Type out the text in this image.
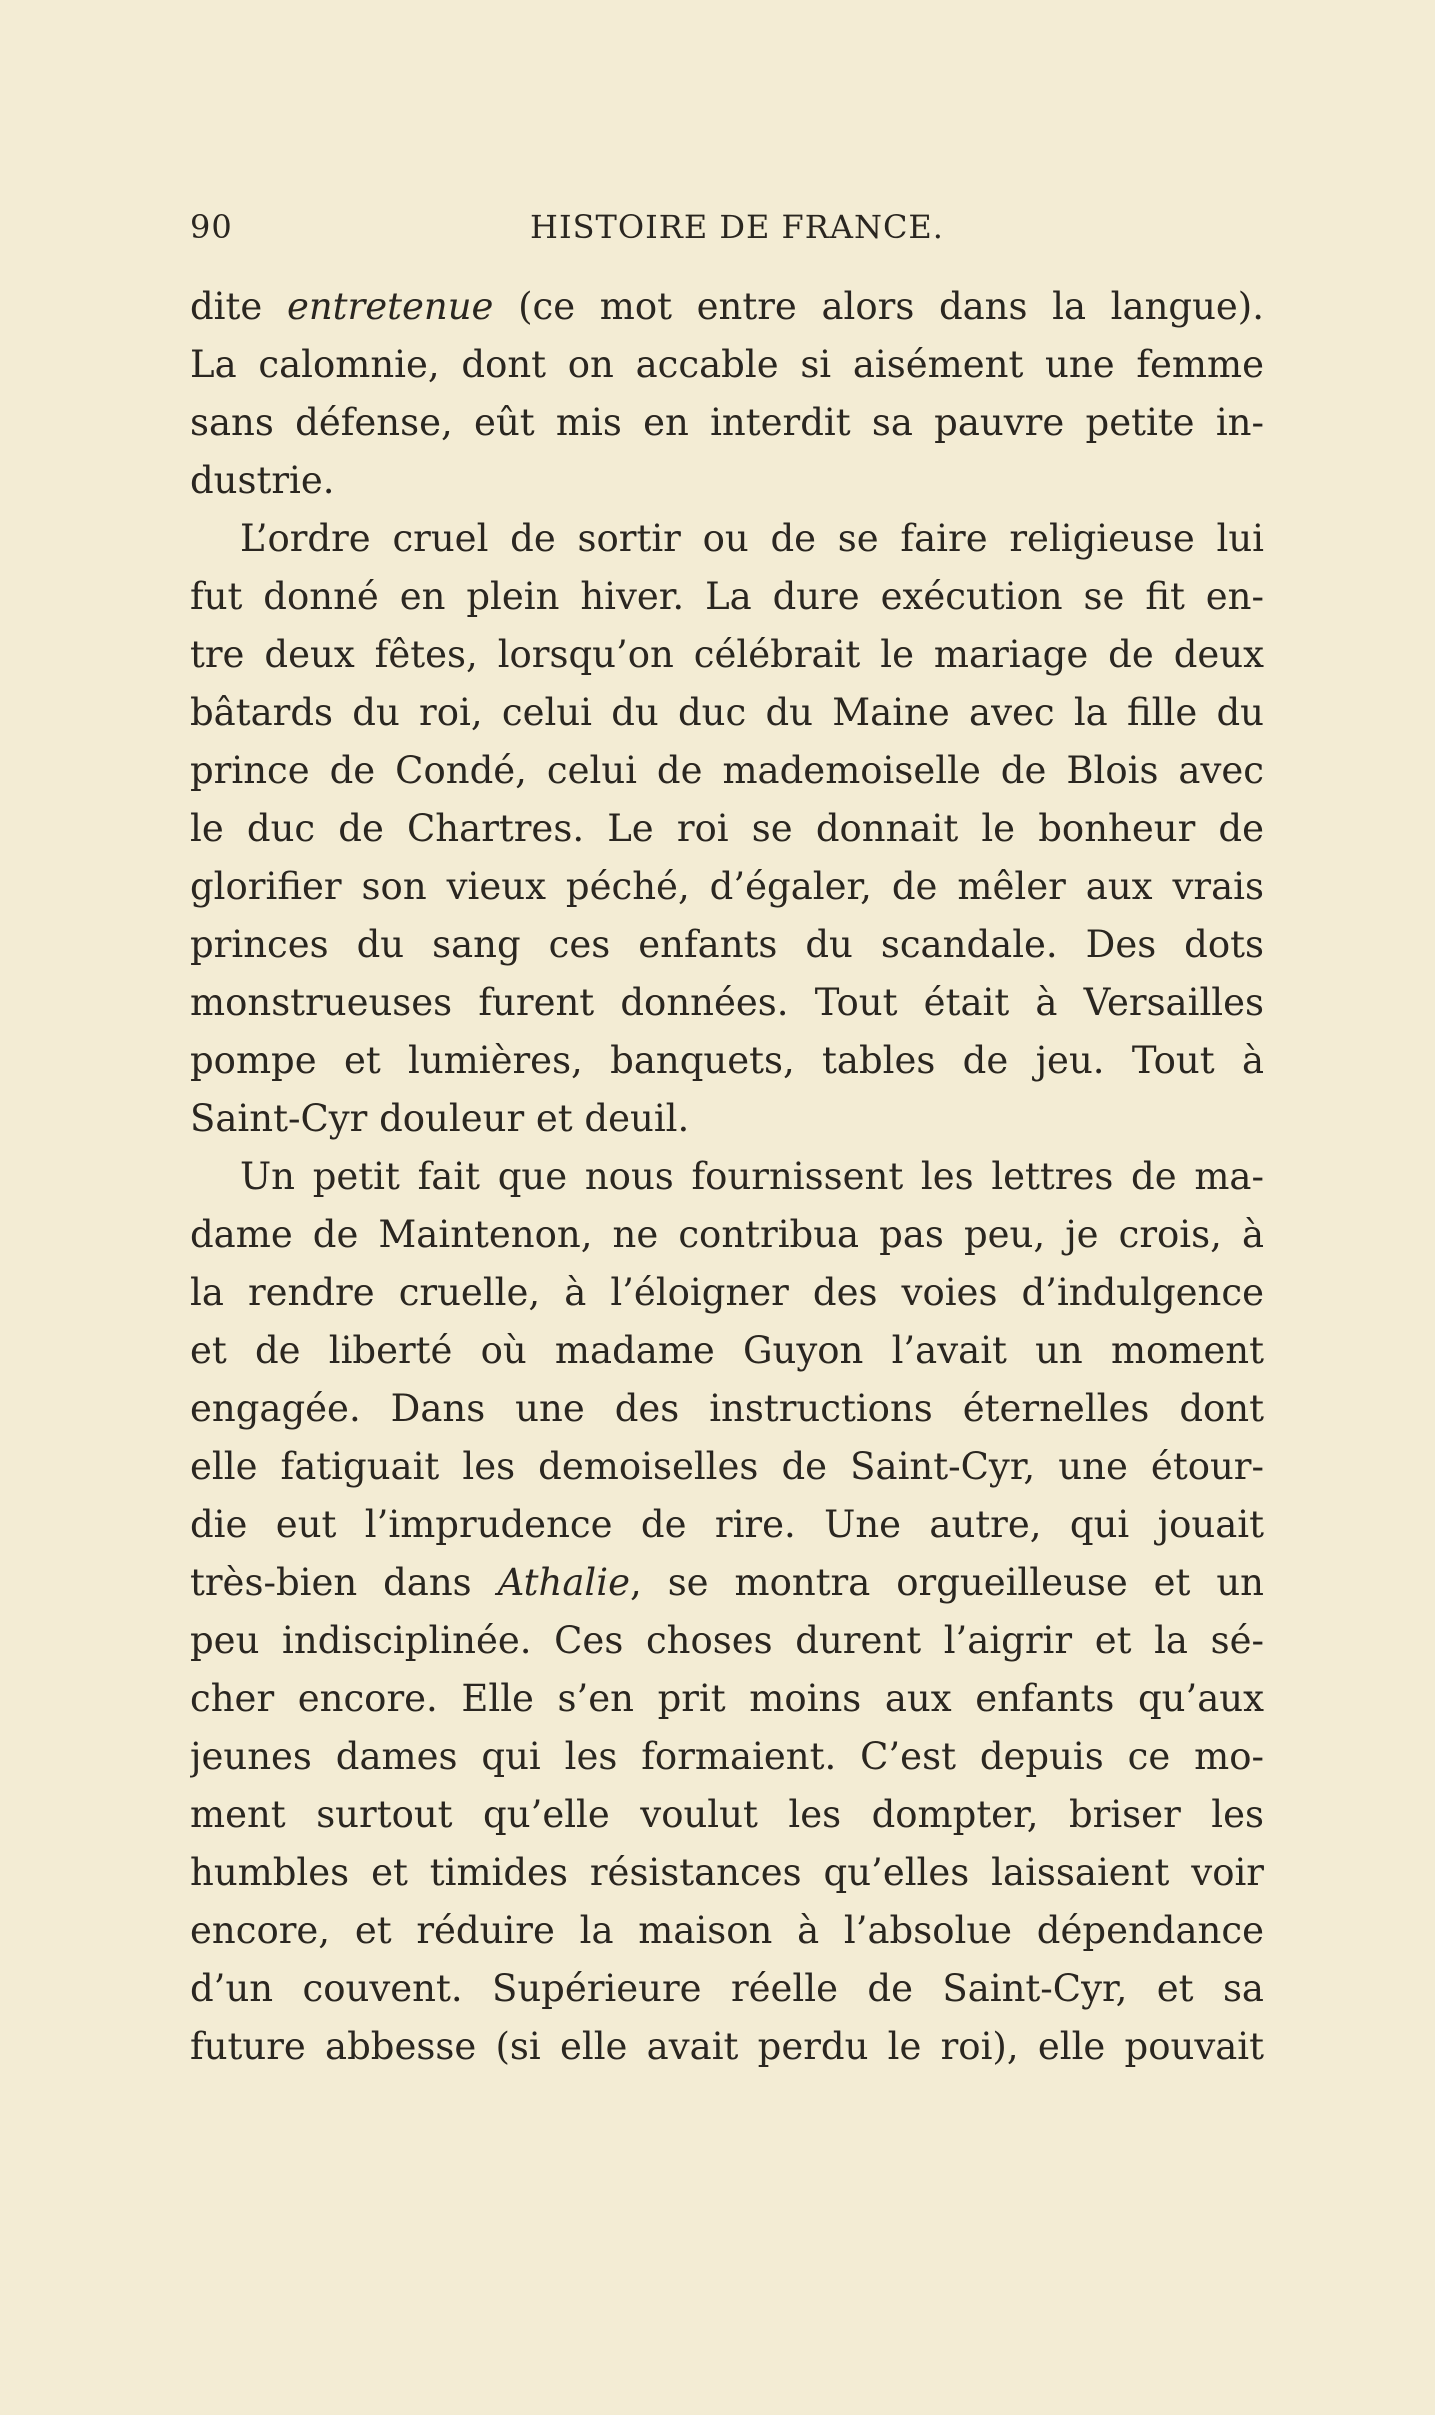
90	HISTOIRE DE FRANCE.
dite entretenue (ce mot entre alors dans la langue).
La calomnie, dont on accable si aisément une femme
sans défense, eût mis en interdit sa pauvre petite in-
dustrie.
L’ordre cruel de sortir ou de se faire religieuse lui
fut donné en plein hiver. La dure exécution se fit en-
tre deux fêtes, lorsqu’on célébrait le mariage de deux
bâtards du roi, celui du duc du Maine avec la fille du
prince de Condé, celui de mademoiselle de Blois avec
le duc de Chartres. Le roi se donnait le bonheur de
glorifier son vieux péché, d’égaler, de mêler aux vrais
princes du sang ces enfants du scandale. Des dots
monstrueuses furent données. Tout était à Versailles
pompe et lumières, banquets, tables de jeu. Tout à
Saint-Cyr douleur et deuil.
Un petit fait que nous fournissent les lettres de ma-
dame de Maintenon, ne contribua pas peu, je crois, à
la rendre cruelle, à l’éloigner des voies d’indulgence
et de liberté où madame Guyon l’avait un moment
engagée. Dans une des instructions éternelles dont
elle fatiguait les demoiselles de Saint-Cyr, une étour-
die eut l’imprudence de rire. Une autre, qui jouait
très-bien dans Athalie, se montra orgueilleuse et un
peu indisciplinée. Ces choses durent l’aigrir et la sé-
cher encore. Elle s’en prit moins aux enfants qu’aux
jeunes dames qui les formaient. C’est depuis ce mo-
ment surtout qu’elle voulut les dompter, briser les
humbles et timides résistances qu’elles laissaient voir
encore, et réduire la maison à l’absolue dépendance
d’un couvent. Supérieure réelle de Saint-Cyr, et sa
future abbesse (si elle avait perdu le roi), elle pouvait
